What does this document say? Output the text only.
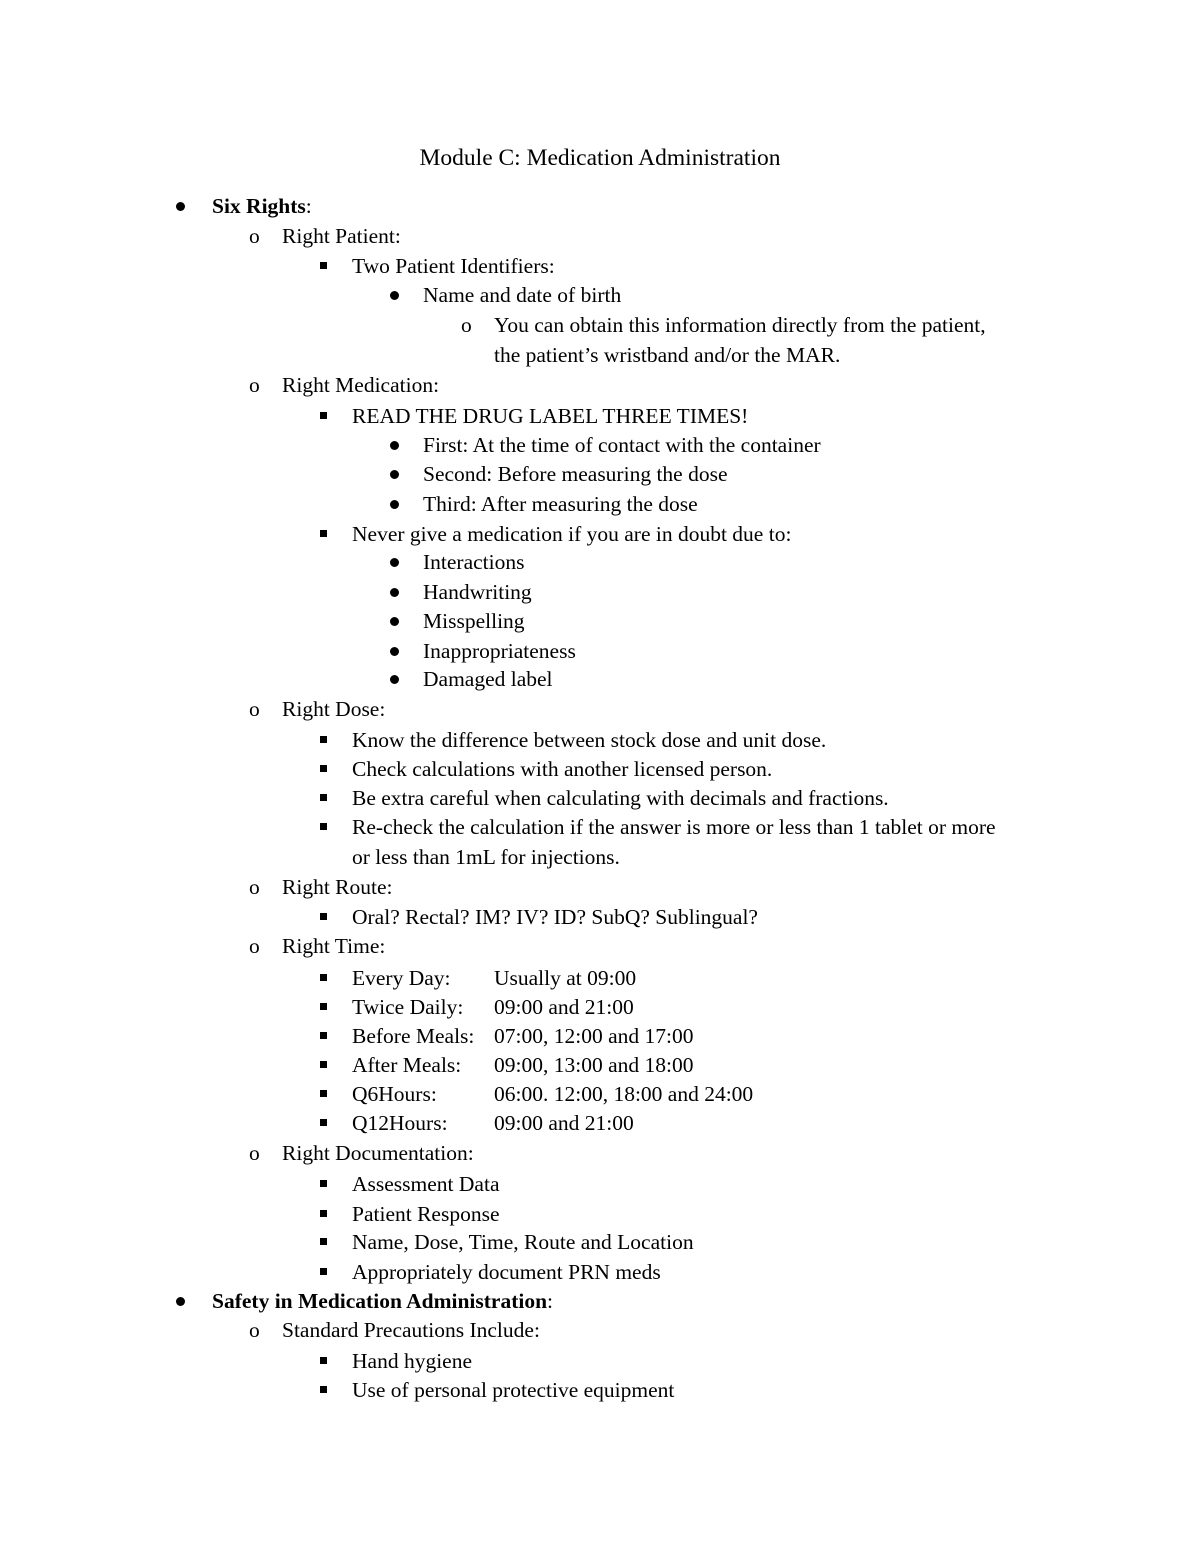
Module C: Medication Administration
Six Rights:
o Right Patient:
Two Patient Identifiers:
Name and date of birth
o You can obtain this information directly from the patient,
the patient’s wristband and/or the MAR.
o Right Medication:
READ THE DRUG LABEL THREE TIMES!
First: At the time of contact with the container
Second: Before measuring the dose
Third: After measuring the dose
Never give a medication if you are in doubt due to:
Interactions
Handwriting
Misspelling
Inappropriateness
Damaged label
o Right Dose:
Know the difference between stock dose and unit dose.
Check calculations with another licensed person.
Be extra careful when calculating with decimals and fractions.
Re-check the calculation if the answer is more or less than 1 tablet or more
or less than 1mL for injections.
o Right Route:
Oral? Rectal? IM? IV? ID? SubQ? Sublingual?
o Right Time:
Every Day: Usually at 09:00
Twice Daily: 09:00 and 21:00
Before Meals: 07:00, 12:00 and 17:00
After Meals: 09:00, 13:00 and 18:00
Q6Hours:	06:00. 12:00, 18:00 and 24:00
Q12Hours: 09:00 and 21:00
o Right Documentation:
Assessment Data
Patient Response
Name, Dose, Time, Route and Location
Appropriately document PRN meds
Safety in Medication Administration:
o Standard Precautions Include:
Hand hygiene
Use of personal protective equipment
